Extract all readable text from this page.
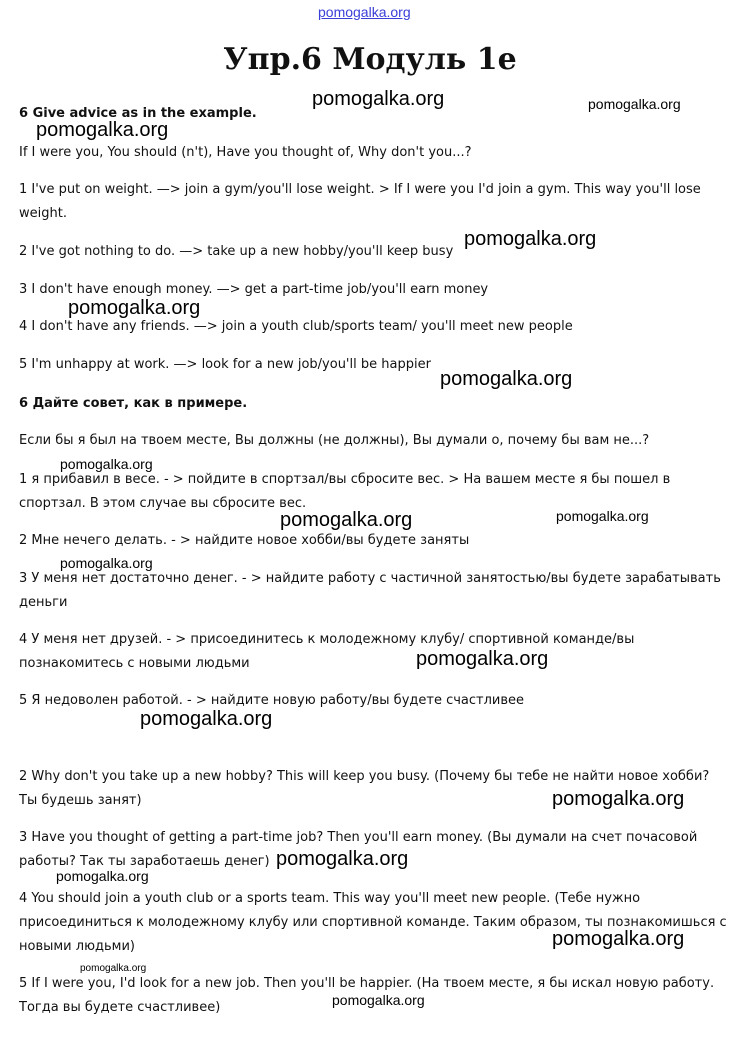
pomogalka.org
Упр.6 Модуль 1е
6 Give advice as in the example.
If I were you, You should (n't), Have you thought of, Why don't you...?
1 I've put on weight. —> join a gym/you'll lose weight. > If I were you I'd join a gym. This way you'll lose weight.
2 I've got nothing to do. —> take up a new hobby/you'll keep busy
3 I don't have enough money. —> get a part-time job/you'll earn money
4 I don't have any friends. —> join a youth club/sports team/ you'll meet new people
5 I'm unhappy at work. —> look for a new job/you'll be happier
6 Дайте совет, как в примере.
Если бы я был на твоем месте, Вы должны (не должны), Вы думали о, почему бы вам не...?
1 я прибавил в весе. - > пойдите в спортзал/вы сбросите вес. > На вашем месте я бы пошел в спортзал. В этом случае вы сбросите вес.
2 Мне нечего делать. - > найдите новое хобби/вы будете заняты
3 У меня нет достаточно денег. - > найдите работу с частичной занятостью/вы будете зарабатывать деньги
4 У меня нет друзей. - > присоединитесь к молодежному клубу/ спортивной команде/вы познакомитесь с новыми людьми
5 Я недоволен работой. - > найдите новую работу/вы будете счастливее
2 Why don't you take up a new hobby? This will keep you busy. (Почему бы тебе не найти новое хобби? Ты будешь занят)
3 Have you thought of getting a part-time job? Then you'll earn money. (Вы думали на счет почасовой работы? Так ты заработаешь денег)
4 You should join a youth club or a sports team. This way you'll meet new people. (Тебе нужно присоединиться к молодежному клубу или спортивной команде. Таким образом, ты познакомишься с новыми людьми)
5 If I were you, I'd look for a new job. Then you'll be happier. (На твоем месте, я бы искал новую работу. Тогда вы будете счастливее)
pomogalka.org	pomogalka.org
pomogalka.org
pomogalka.org
pomogalka.org
pomogalka.org
pomogalka.org
pomogalka.org	pomogalka.org
pomogalka.org
pomogalka.org
pomogalka.org
pomogalka.org
pomogalka.org
pomogalka.org
pomogalka.org
pomogalka.org
pomogalka.org
